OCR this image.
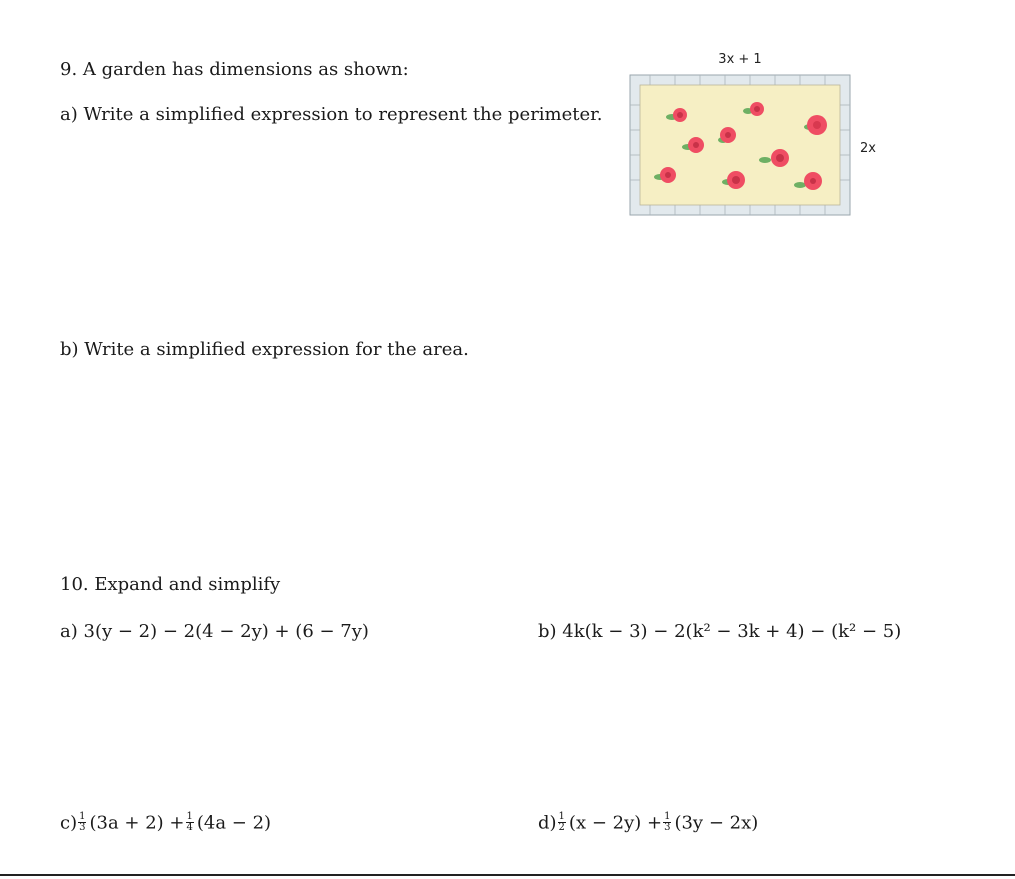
9. A garden has dimensions as shown:
a) Write a simplified expression to represent the perimeter.
b) Write a simplified expression for the area.
3x + 1
2x
10. Expand and simplify
a) 3(y − 2) − 2(4 − 2y) + (6 − 7y)	b) 4k(k − 3) − 2(k² − 3k + 4) − (k² − 5)
$c) \frac{1}{3} (3a + 2) + \frac{1}{4} (4a - 2)$	$d) \frac{1}{2} (x - 2y) + \frac{1}{3} (3y - 2x)$
